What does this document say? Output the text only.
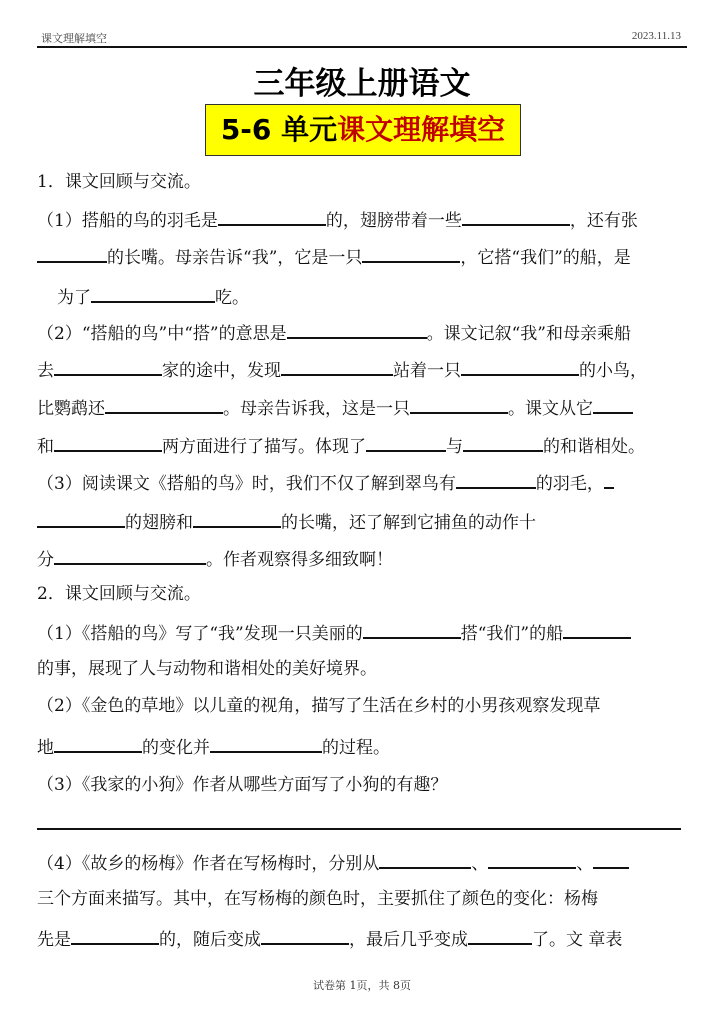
课文理解填空	2023.11.13
三年级上册语文
5-6 单元课文理解填空
1．课文回顾与交流。
（1）搭船的鸟的羽毛是	的，翅膀带着一些	，还有张
的长嘴。母亲告诉“我”，它是一只	，它搭“我们”的船，是
为了	吃。
（2）“搭船的鸟”中“搭”的意思是	。课文记叙“我”和母亲乘船
去	家的途中，发现	站着一只	的小鸟，
比鹦鹉还	。母亲告诉我，这是一只	。课文从它
和	两方面进行了描写。体现了	与	的和谐相处。
（3）阅读课文《搭船的鸟》时，我们不仅了解到翠鸟有	的羽毛，
的翅膀和	的长嘴，还了解到它捕鱼的动作十
分	。作者观察得多细致啊！
2．课文回顾与交流。
（1）《搭船的鸟》写了“我”发现一只美丽的	搭“我们”的船
的事，展现了人与动物和谐相处的美好境界。
（2）《金色的草地》以儿童的视角，描写了生活在乡村的小男孩观察发现草
地	的变化并	的过程。
（3）《我家的小狗》作者从哪些方面写了小狗的有趣？
（4）《故乡的杨梅》作者在写杨梅时，分别从	、	、
三个方面来描写。其中，在写杨梅的颜色时，主要抓住了颜色的变化：杨梅
先是	的，随后变成	，最后几乎变成	了。文 章表
试卷第 1页，共 8页
